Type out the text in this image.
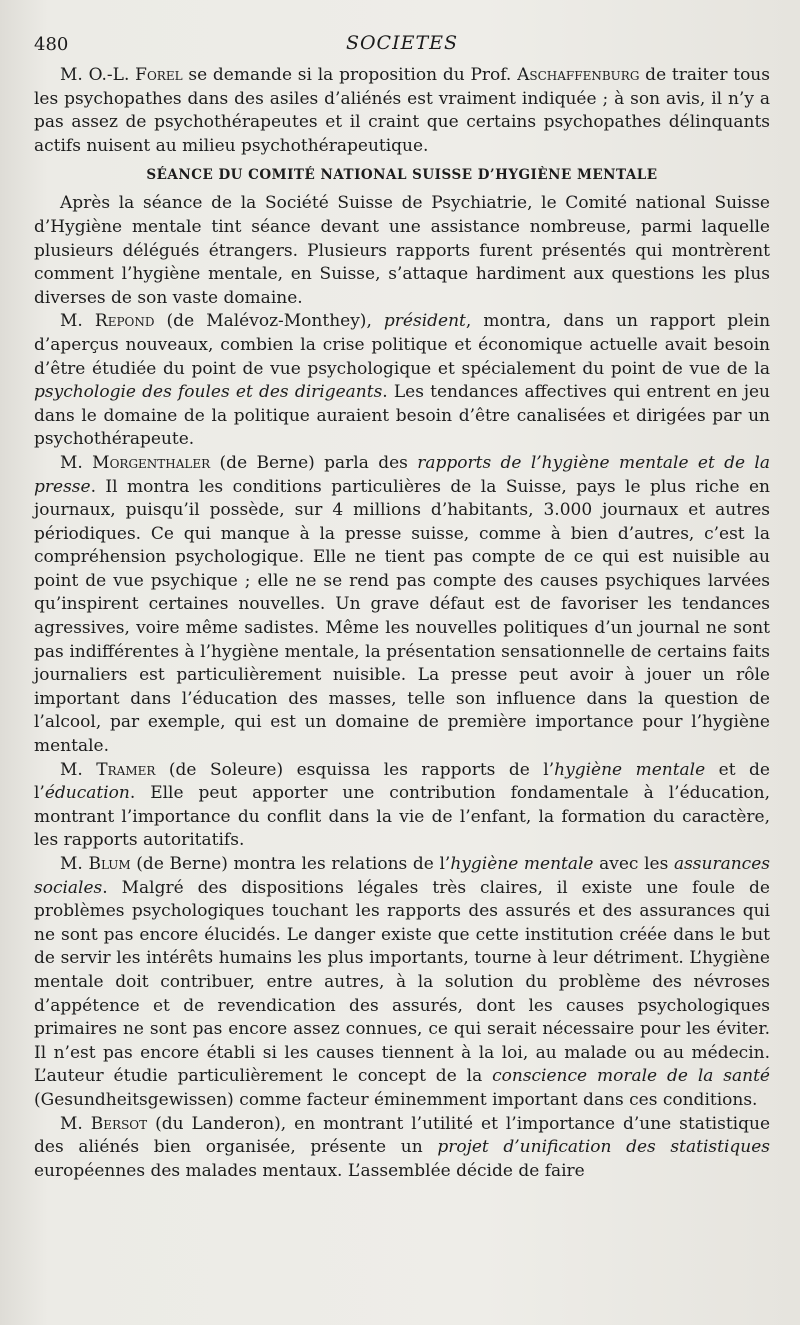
480	SOCIETES

M. O.-L. Forel se demande si la proposition du Prof. Aschaffenburg de traiter tous les psychopathes dans des asiles d’aliénés est vraiment indiquée ; à son avis, il n’y a pas assez de psychothérapeutes et il craint que certains psychopathes délinquants actifs nuisent au milieu psychothérapeutique.

SÉANCE DU COMITÉ NATIONAL SUISSE D’HYGIÈNE MENTALE

Après la séance de la Société Suisse de Psychiatrie, le Comité national Suisse d’Hygiène mentale tint séance devant une assistance nombreuse, parmi laquelle plusieurs délégués étrangers. Plusieurs rapports furent présentés qui montrèrent comment l’hygiène mentale, en Suisse, s’attaque hardiment aux questions les plus diverses de son vaste domaine.

M. Repond (de Malévoz-Monthey), président, montra, dans un rapport plein d’aperçus nouveaux, combien la crise politique et économique actuelle avait besoin d’être étudiée du point de vue psychologique et spécialement du point de vue de la psychologie des foules et des dirigeants. Les tendances affectives qui entrent en jeu dans le domaine de la politique auraient besoin d’être canalisées et dirigées par un psychothérapeute.

M. Morgenthaler (de Berne) parla des rapports de l’hygiène mentale et de la presse. Il montra les conditions particulières de la Suisse, pays le plus riche en journaux, puisqu’il possède, sur 4 millions d’habitants, 3.000 journaux et autres périodiques. Ce qui manque à la presse suisse, comme à bien d’autres, c’est la compréhension psychologique. Elle ne tient pas compte de ce qui est nuisible au point de vue psychique ; elle ne se rend pas compte des causes psychiques larvées qu’inspirent certaines nouvelles. Un grave défaut est de favoriser les tendances agressives, voire même sadistes. Même les nouvelles politiques d’un journal ne sont pas indifférentes à l’hygiène mentale, la présentation sensationnelle de certains faits journaliers est particulièrement nuisible. La presse peut avoir à jouer un rôle important dans l’éducation des masses, telle son influence dans la question de l’alcool, par exemple, qui est un domaine de première importance pour l’hygiène mentale.

M. Tramer (de Soleure) esquissa les rapports de l’hygiène mentale et de l’éducation. Elle peut apporter une contribution fondamentale à l’éducation, montrant l’importance du conflit dans la vie de l’enfant, la formation du caractère, les rapports autoritatifs.

M. Blum (de Berne) montra les relations de l’hygiène mentale avec les assurances sociales. Malgré des dispositions légales très claires, il existe une foule de problèmes psychologiques touchant les rapports des assurés et des assurances qui ne sont pas encore élucidés. Le danger existe que cette institution créée dans le but de servir les intérêts humains les plus importants, tourne à leur détriment. L’hygiène mentale doit contribuer, entre autres, à la solution du problème des névroses d’appétence et de revendication des assurés, dont les causes psychologiques primaires ne sont pas encore assez connues, ce qui serait nécessaire pour les éviter. Il n’est pas encore établi si les causes tiennent à la loi, au malade ou au médecin. L’auteur étudie particulièrement le concept de la conscience morale de la santé (Gesundheitsgewissen) comme facteur éminemment important dans ces conditions.

M. Bersot (du Landeron), en montrant l’utilité et l’importance d’une statistique des aliénés bien organisée, présente un projet d’unification des statistiques européennes des malades mentaux. L’assemblée décide de faire
